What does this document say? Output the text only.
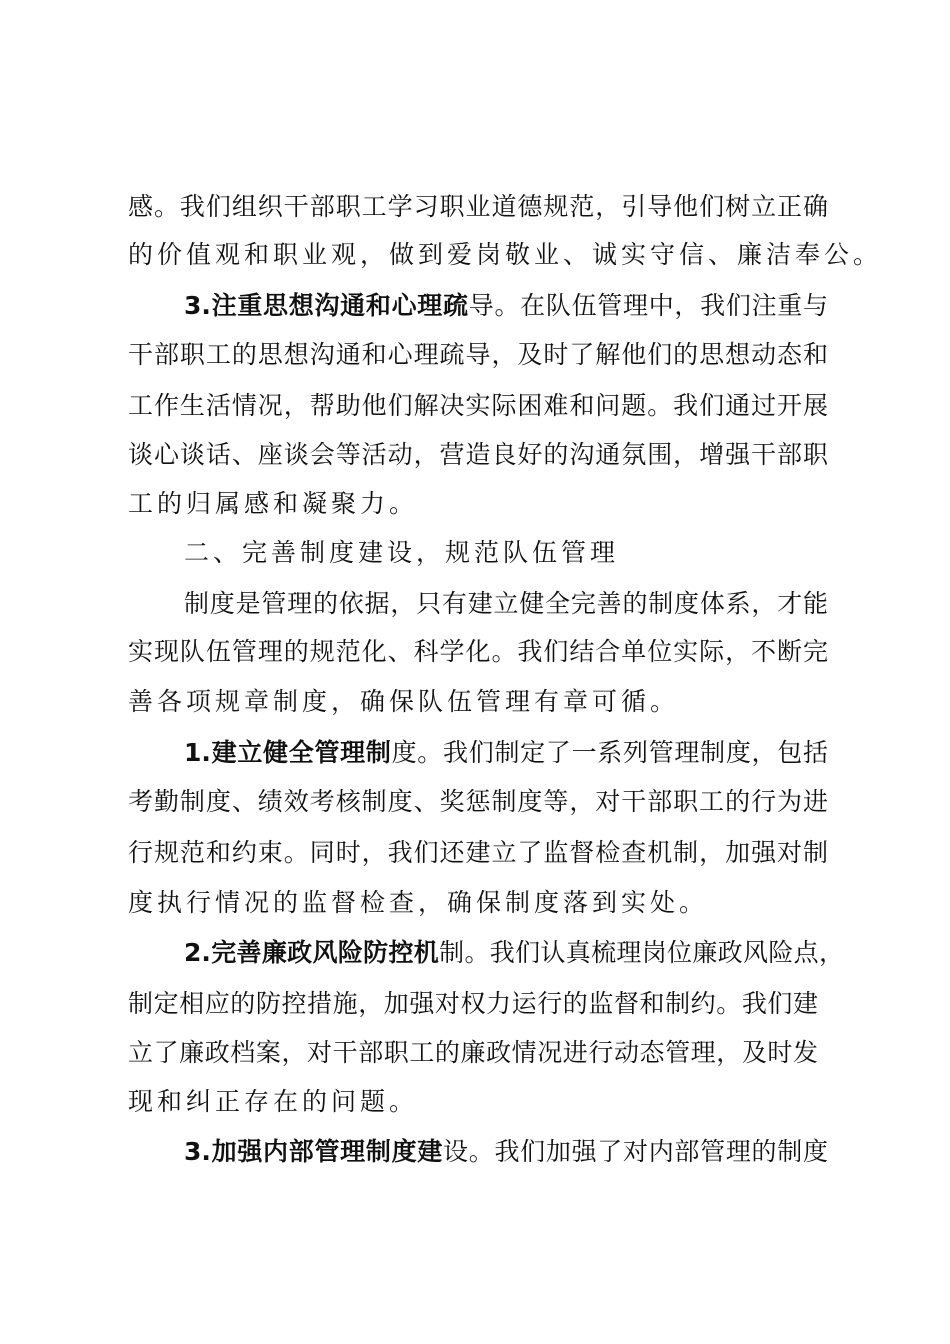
感。我们组织干部职工学习职业道德规范，引导他们树立正确
的价值观和职业观，做到爱岗敬业、诚实守信、廉洁奉公。
3.注重思想沟通和心理疏导。在队伍管理中，我们注重与
干部职工的思想沟通和心理疏导，及时了解他们的思想动态和
工作生活情况，帮助他们解决实际困难和问题。我们通过开展
谈心谈话、座谈会等活动，营造良好的沟通氛围，增强干部职
工的归属感和凝聚力。
二、完善制度建设，规范队伍管理
制度是管理的依据，只有建立健全完善的制度体系，才能
实现队伍管理的规范化、科学化。我们结合单位实际，不断完
善各项规章制度，确保队伍管理有章可循。
1.建立健全管理制度。我们制定了一系列管理制度，包括
考勤制度、绩效考核制度、奖惩制度等，对干部职工的行为进
行规范和约束。同时，我们还建立了监督检查机制，加强对制
度执行情况的监督检查，确保制度落到实处。
2.完善廉政风险防控机制。我们认真梳理岗位廉政风险点，
制定相应的防控措施，加强对权力运行的监督和制约。我们建
立了廉政档案，对干部职工的廉政情况进行动态管理，及时发
现和纠正存在的问题。
3.加强内部管理制度建设。我们加强了对内部管理的制度
